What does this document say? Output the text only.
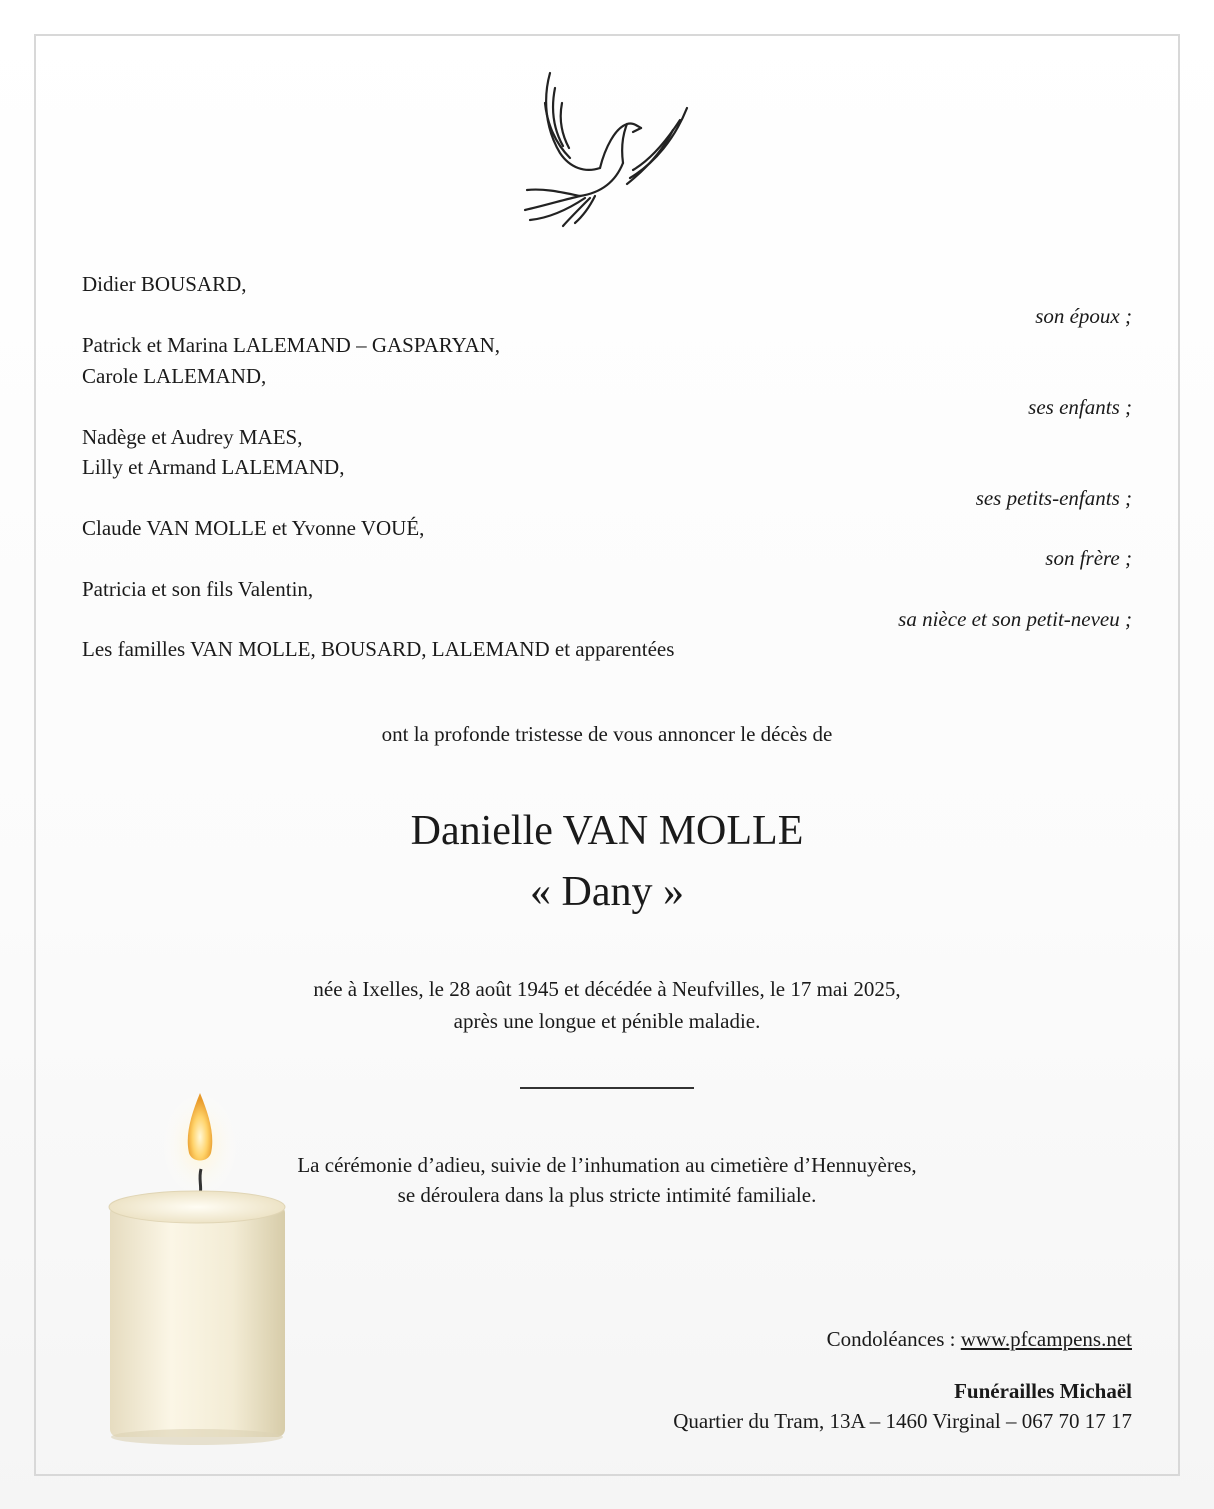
Didier BOUSARD,
son époux ;
Patrick et Marina LALEMAND – GASPARYAN,
Carole LALEMAND,
ses enfants ;
Nadège et Audrey MAES,
Lilly et Armand LALEMAND,
ses petits-enfants ;
Claude VAN MOLLE et Yvonne VOUÉ,
son frère ;
Patricia et son fils Valentin,
sa nièce et son petit-neveu ;
Les familles VAN MOLLE, BOUSARD, LALEMAND et apparentées
ont la profonde tristesse de vous annoncer le décès de
Danielle VAN MOLLE
« Dany »
née à Ixelles, le 28 août 1945 et décédée à Neufvilles, le 17 mai 2025,
après une longue et pénible maladie.
La cérémonie d’adieu, suivie de l’inhumation au cimetière d’Hennuyères,
se déroulera dans la plus stricte intimité familiale.
Condoléances : www.pfcampens.net
Funérailles Michaël
Quartier du Tram, 13A – 1460 Virginal – 067 70 17 17
